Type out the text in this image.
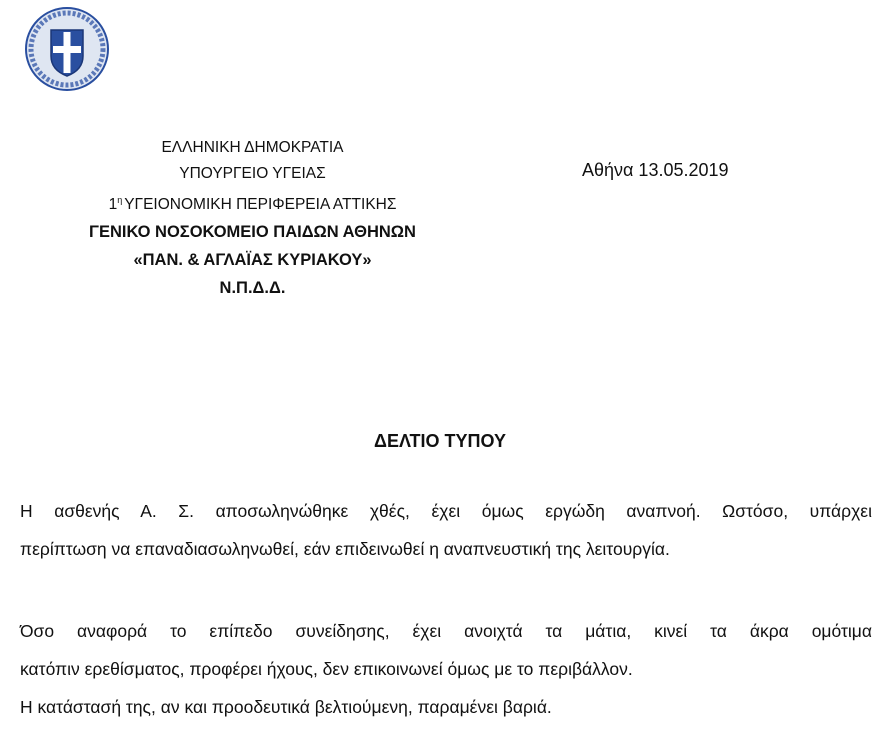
ΕΛΛΗΝΙΚΗ ΔΗΜΟΚΡΑΤΙΑ
ΥΠΟΥΡΓΕΙΟ ΥΓΕΙΑΣ
$1^\eta$ ΥΓΕΙΟΝΟΜΙΚΗ ΠΕΡΙΦΕΡΕΙΑ ΑΤΤΙΚΗΣ
ΓΕΝΙΚΟ ΝΟΣΟΚΟΜΕΙΟ ΠΑΙΔΩΝ ΑΘΗΝΩΝ
«ΠΑΝ. & ΑΓΛΑΪΑΣ ΚΥΡΙΑΚΟΥ»
Ν.Π.Δ.Δ.
Αθήνα 13.05.2019
ΔΕΛΤΙΟ ΤΥΠΟΥ
Η ασθενής Α. Σ. αποσωληνώθηκε χθές, έχει όμως εργώδη αναπνοή. Ωστόσο, υπάρχει
περίπτωση να επαναδιασωληνωθεί, εάν επιδεινωθεί η αναπνευστική της λειτουργία.
Όσο αναφορά το επίπεδο συνείδησης, έχει ανοιχτά τα μάτια, κινεί τα άκρα ομότιμα
κατόπιν ερεθίσματος, προφέρει ήχους, δεν επικοινωνεί όμως με το περιβάλλον.
Η κατάστασή της, αν και προοδευτικά βελτιούμενη, παραμένει βαριά.
